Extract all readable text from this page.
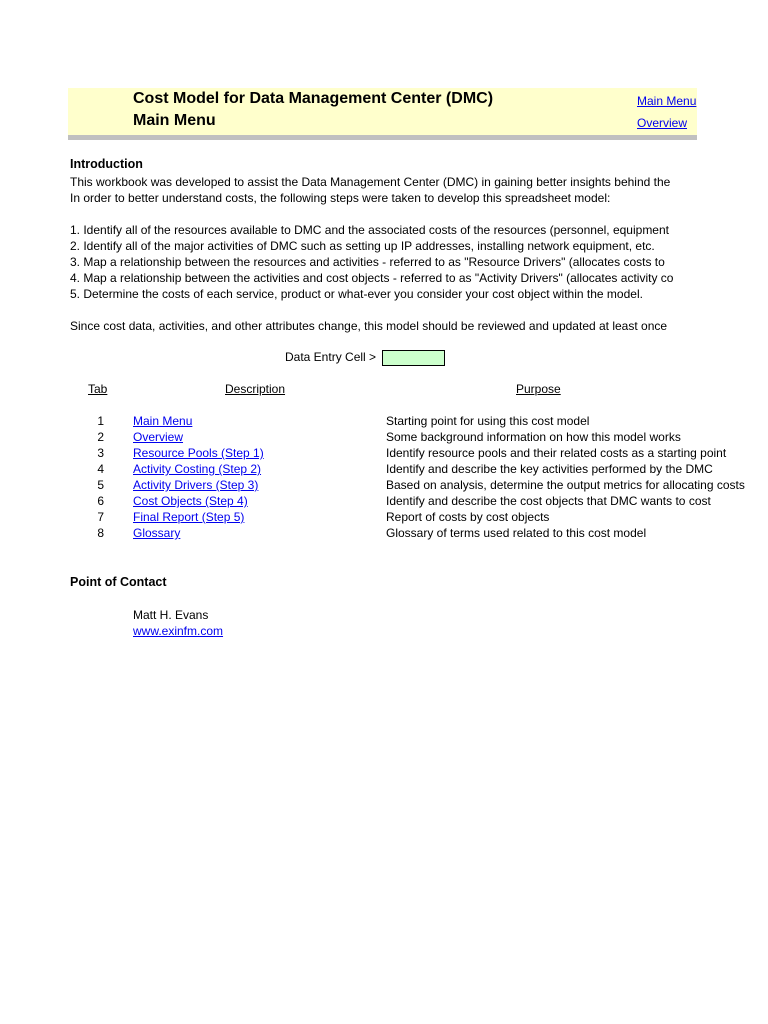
Cost Model for Data Management Center (DMC)
Main Menu
Main Menu
Overview
Introduction
This workbook was developed to assist the Data Management Center (DMC) in gaining better insights behind the
In order to better understand costs, the following steps were taken to develop this spreadsheet model:
1. Identify all of the resources available to DMC and the associated costs of the resources (personnel, equipment
2. Identify all of the major activities of DMC such as setting up IP addresses, installing network equipment, etc.
3. Map a relationship between the resources and activities - referred to as "Resource Drivers" (allocates costs to
4. Map a relationship between the activities and cost objects - referred to as "Activity Drivers" (allocates activity co
5. Determine the costs of each service, product or what-ever you consider your cost object within the model.
Since cost data, activities, and other attributes change, this model should be reviewed and updated at least once
Data Entry Cell >
Tab	Description	Purpose
1 Main Menu	Starting point for using this cost model
2 Overview	Some background information on how this model works
3 Resource Pools (Step 1)	Identify resource pools and their related costs as a starting point
4 Activity Costing (Step 2)	Identify and describe the key activities performed by the DMC
5 Activity Drivers (Step 3)	Based on analysis, determine the output metrics for allocating costs
6 Cost Objects (Step 4)	Identify and describe the cost objects that DMC wants to cost
7 Final Report (Step 5)	Report of costs by cost objects
8 Glossary	Glossary of terms used related to this cost model
Point of Contact
Matt H. Evans
www.exinfm.com
